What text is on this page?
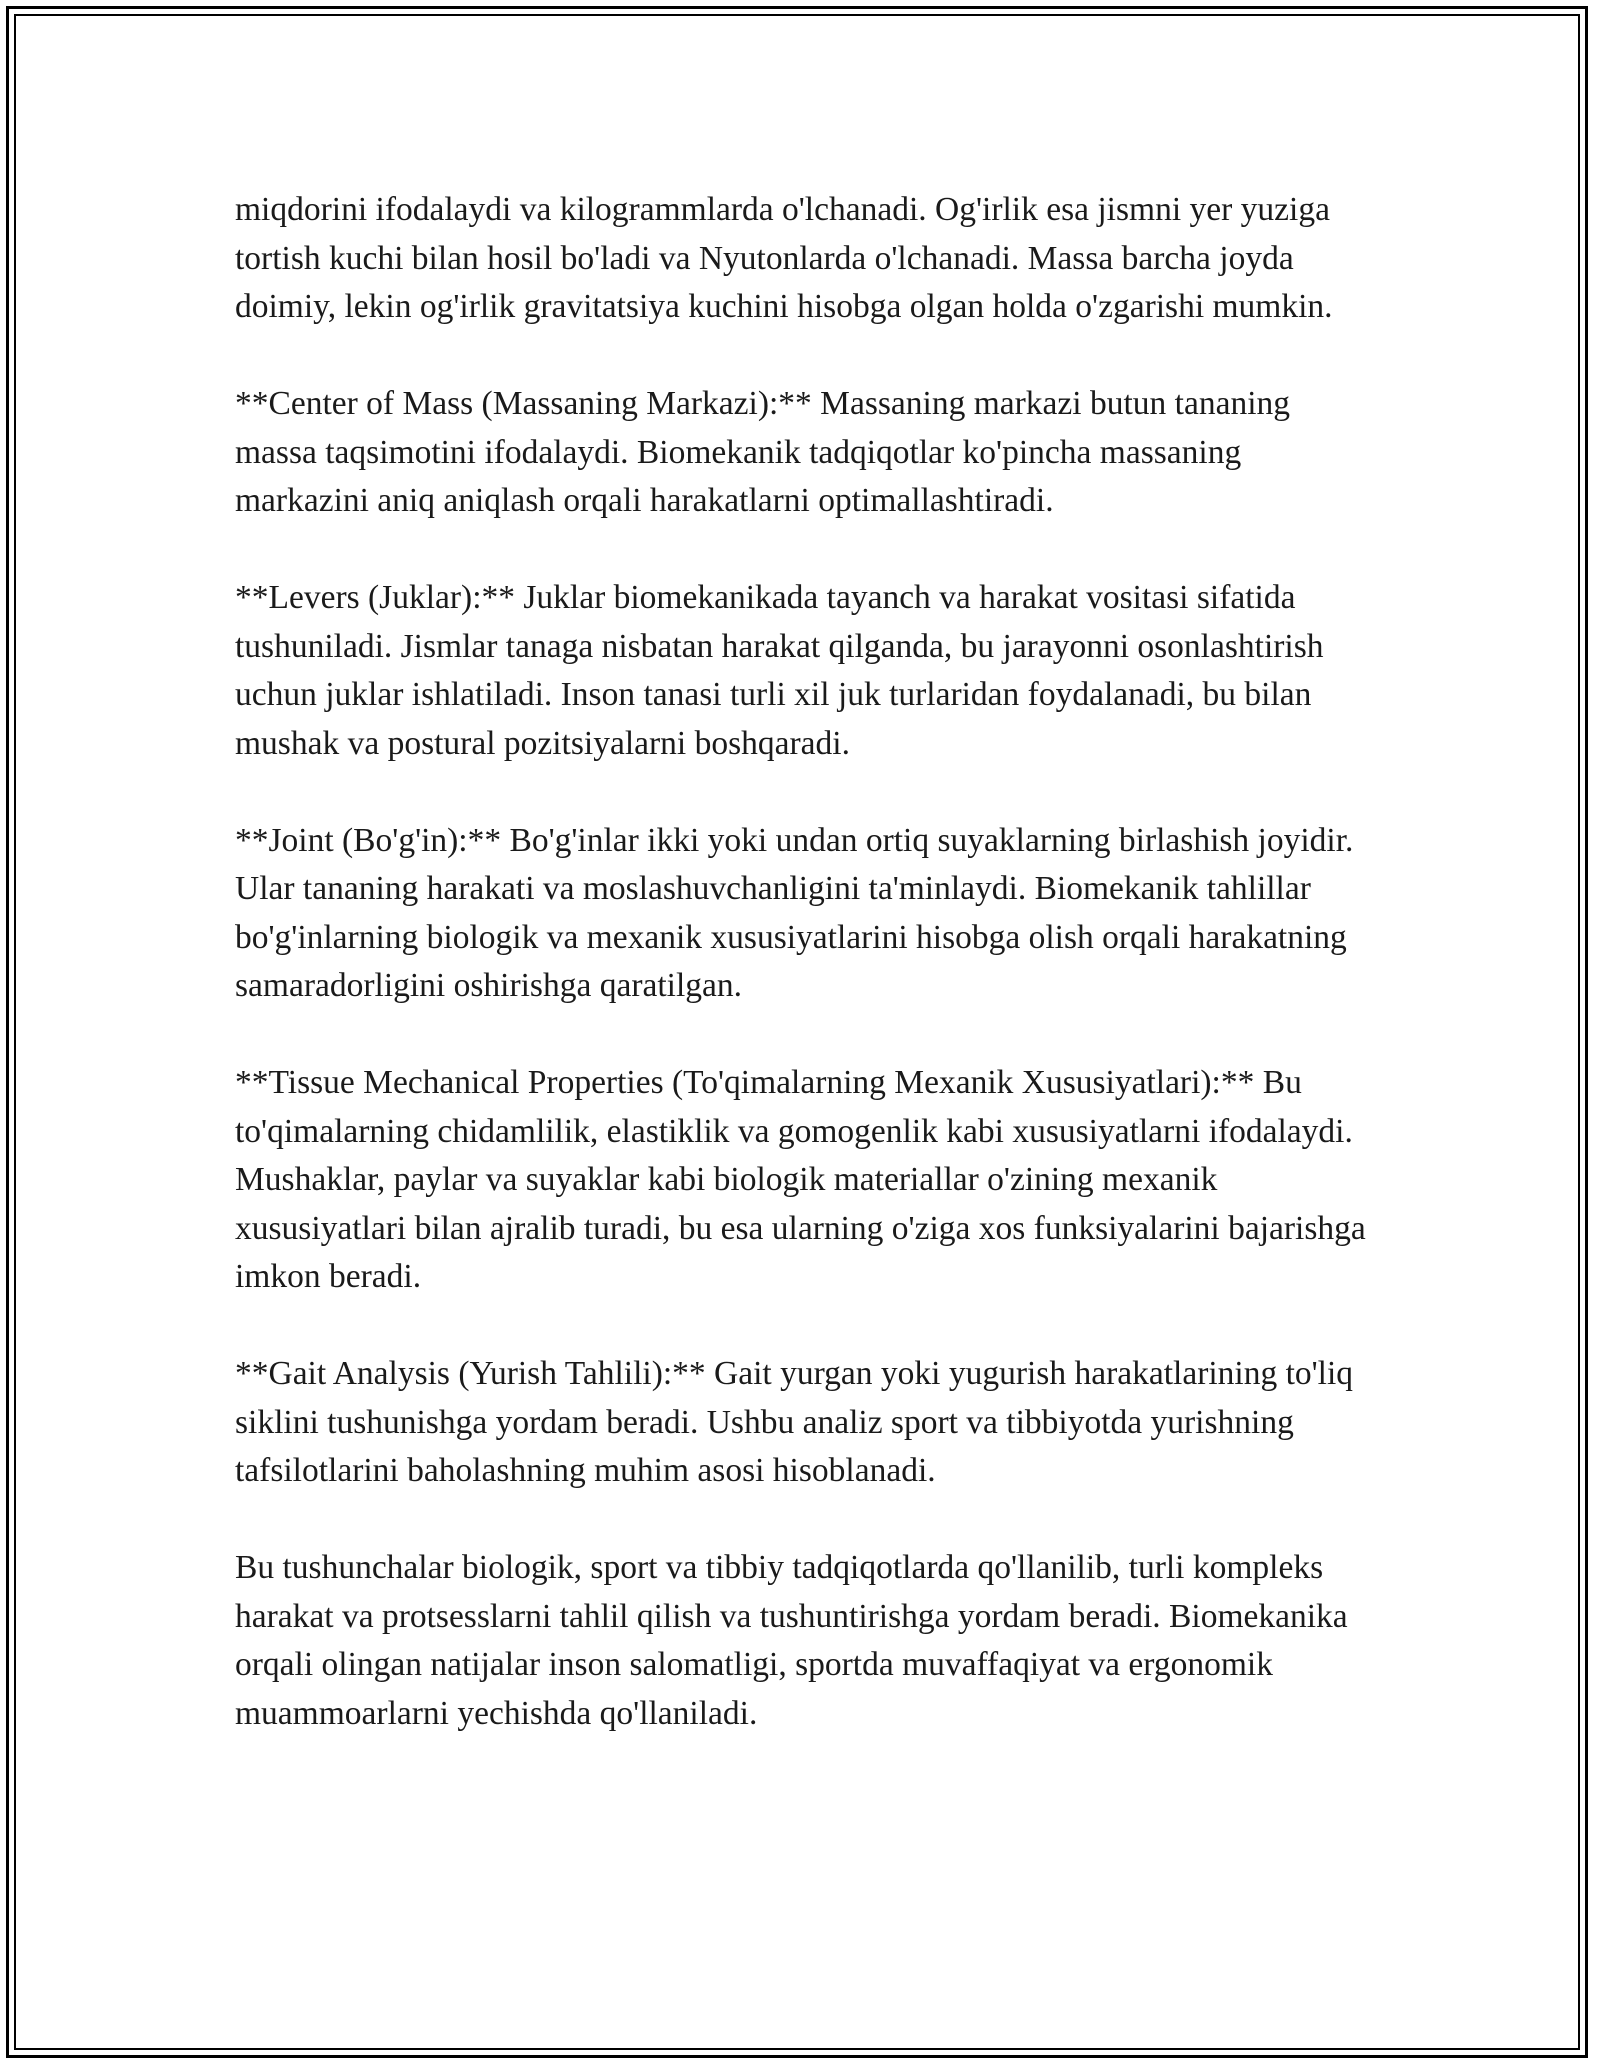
miqdorini ifodalaydi va kilogrammlarda o'lchanadi. Og'irlik esa jismni yer yuziga tortish kuchi bilan hosil bo'ladi va Nyutonlarda o'lchanadi. Massa barcha joyda doimiy, lekin og'irlik gravitatsiya kuchini hisobga olgan holda o'zgarishi mumkin.

**Center of Mass (Massaning Markazi):** Massaning markazi butun tananing massa taqsimotini ifodalaydi. Biomekanik tadqiqotlar ko'pincha massaning markazini aniq aniqlash orqali harakatlarni optimallashtiradi.

**Levers (Juklar):** Juklar biomekanikada tayanch va harakat vositasi sifatida tushuniladi. Jismlar tanaga nisbatan harakat qilganda, bu jarayonni osonlashtirish uchun juklar ishlatiladi. Inson tanasi turli xil juk turlaridan foydalanadi, bu bilan mushak va postural pozitsiyalarni boshqaradi.

**Joint (Bo'g'in):** Bo'g'inlar ikki yoki undan ortiq suyaklarning birlashish joyidir. Ular tananing harakati va moslashuvchanligini ta'minlaydi. Biomekanik tahlillar bo'g'inlarning biologik va mexanik xususiyatlarini hisobga olish orqali harakatning samaradorligini oshirishga qaratilgan.

**Tissue Mechanical Properties (To'qimalarning Mexanik Xususiyatlari):** Bu to'qimalarning chidamlilik, elastiklik va gomogenlik kabi xususiyatlarni ifodalaydi. Mushaklar, paylar va suyaklar kabi biologik materiallar o'zining mexanik xususiyatlari bilan ajralib turadi, bu esa ularning o'ziga xos funksiyalarini bajarishga imkon beradi.

**Gait Analysis (Yurish Tahlili):** Gait yurgan yoki yugurish harakatlarining to'liq siklini tushunishga yordam beradi. Ushbu analiz sport va tibbiyotda yurishning tafsilotlarini baholashning muhim asosi hisoblanadi.

Bu tushunchalar biologik, sport va tibbiy tadqiqotlarda qo'llanilib, turli kompleks harakat va protsesslarni tahlil qilish va tushuntirishga yordam beradi. Biomekanika orqali olingan natijalar inson salomatligi, sportda muvaffaqiyat va ergonomik muammoarlarni yechishda qo'llaniladi.
